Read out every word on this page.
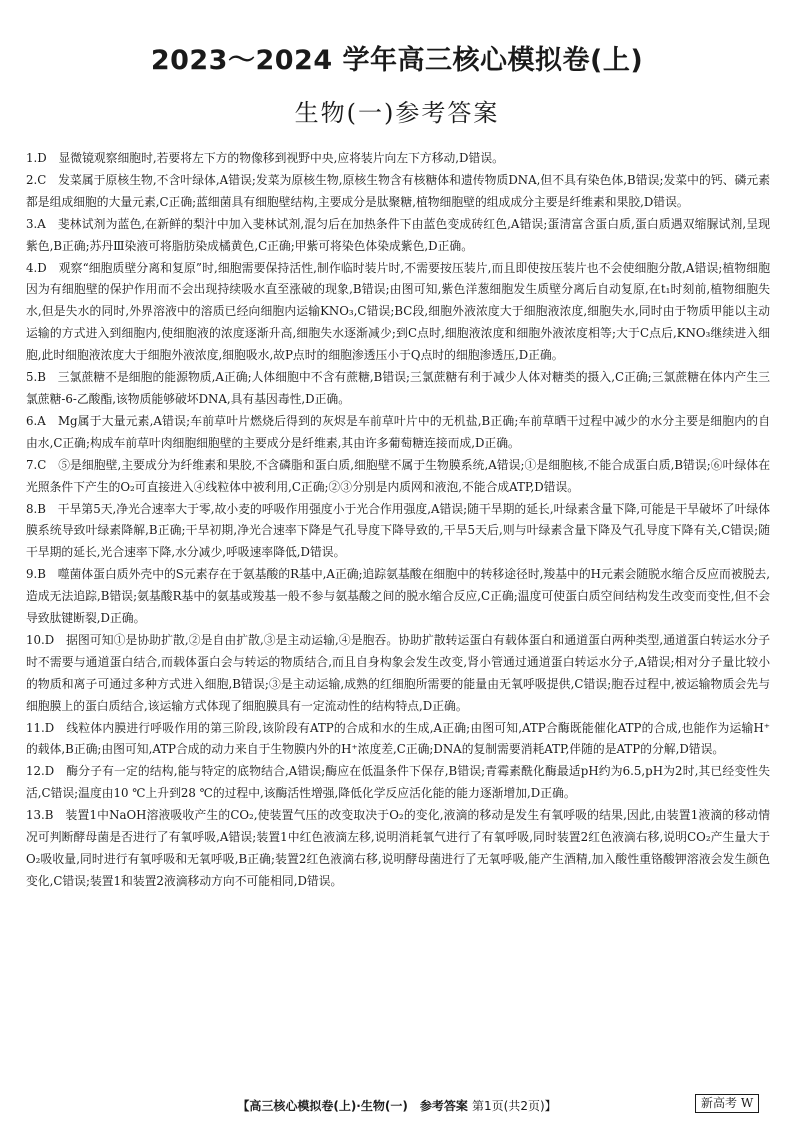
2023～2024 学年高三核心模拟卷(上)
生物(一)参考答案

1.D　显微镜观察细胞时,若要将左下方的物像移到视野中央,应将装片向左下方移动,D错误。

2.C　发菜属于原核生物,不含叶绿体,A错误;发菜为原核生物,原核生物含有核糖体和遗传物质DNA,但不具有染色体,B错误;发菜中的钙、磷元素都是组成细胞的大量元素,C正确;蓝细菌具有细胞壁结构,主要成分是肽聚糖,植物细胞壁的组成成分主要是纤维素和果胶,D错误。

3.A　斐林试剂为蓝色,在新鲜的梨汁中加入斐林试剂,混匀后在加热条件下由蓝色变成砖红色,A错误;蛋清富含蛋白质,蛋白质遇双缩脲试剂,呈现紫色,B正确;苏丹Ⅲ染液可将脂肪染成橘黄色,C正确;甲紫可将染色体染成紫色,D正确。

4.D　观察“细胞质壁分离和复原”时,细胞需要保持活性,制作临时装片时,不需要按压装片,而且即使按压装片也不会使细胞分散,A错误;植物细胞因为有细胞壁的保护作用而不会出现持续吸水直至涨破的现象,B错误;由图可知,紫色洋葱细胞发生质壁分离后自动复原,在t₁时刻前,植物细胞失水,但是失水的同时,外界溶液中的溶质已经向细胞内运输KNO₃,C错误;BC段,细胞外液浓度大于细胞液浓度,细胞失水,同时由于物质甲能以主动运输的方式进入到细胞内,使细胞液的浓度逐渐升高,细胞失水逐渐减少;到C点时,细胞液浓度和细胞外液浓度相等;大于C点后,KNO₃继续进入细胞,此时细胞液浓度大于细胞外液浓度,细胞吸水,故P点时的细胞渗透压小于Q点时的细胞渗透压,D正确。

5.B　三氯蔗糖不是细胞的能源物质,A正确;人体细胞中不含有蔗糖,B错误;三氯蔗糖有利于减少人体对糖类的摄入,C正确;三氯蔗糖在体内产生三氯蔗糖-6-乙酸酯,该物质能够破坏DNA,具有基因毒性,D正确。

6.A　Mg属于大量元素,A错误;车前草叶片燃烧后得到的灰烬是车前草叶片中的无机盐,B正确;车前草晒干过程中减少的水分主要是细胞内的自由水,C正确;构成车前草叶肉细胞细胞壁的主要成分是纤维素,其由许多葡萄糖连接而成,D正确。

7.C　⑤是细胞壁,主要成分为纤维素和果胶,不含磷脂和蛋白质,细胞壁不属于生物膜系统,A错误;①是细胞核,不能合成蛋白质,B错误;⑥叶绿体在光照条件下产生的O₂可直接进入④线粒体中被利用,C正确;②③分别是内质网和液泡,不能合成ATP,D错误。

8.B　干旱第5天,净光合速率大于零,故小麦的呼吸作用强度小于光合作用强度,A错误;随干旱期的延长,叶绿素含量下降,可能是干旱破坏了叶绿体膜系统导致叶绿素降解,B正确;干旱初期,净光合速率下降是气孔导度下降导致的,干旱5天后,则与叶绿素含量下降及气孔导度下降有关,C错误;随干旱期的延长,光合速率下降,水分减少,呼吸速率降低,D错误。

9.B　噬菌体蛋白质外壳中的S元素存在于氨基酸的R基中,A正确;追踪氨基酸在细胞中的转移途径时,羧基中的H元素会随脱水缩合反应而被脱去,造成无法追踪,B错误;氨基酸R基中的氨基或羧基一般不参与氨基酸之间的脱水缩合反应,C正确;温度可使蛋白质空间结构发生改变而变性,但不会导致肽键断裂,D正确。

10.D　据图可知①是协助扩散,②是自由扩散,③是主动运输,④是胞吞。协助扩散转运蛋白有载体蛋白和通道蛋白两种类型,通道蛋白转运水分子时不需要与通道蛋白结合,而载体蛋白会与转运的物质结合,而且自身构象会发生改变,肾小管通过通道蛋白转运水分子,A错误;相对分子量比较小的物质和离子可通过多种方式进入细胞,B错误;③是主动运输,成熟的红细胞所需要的能量由无氧呼吸提供,C错误;胞吞过程中,被运输物质会先与细胞膜上的蛋白质结合,该运输方式体现了细胞膜具有一定流动性的结构特点,D正确。

11.D　线粒体内膜进行呼吸作用的第三阶段,该阶段有ATP的合成和水的生成,A正确;由图可知,ATP合酶既能催化ATP的合成,也能作为运输H⁺的载体,B正确;由图可知,ATP合成的动力来自于生物膜内外的H⁺浓度差,C正确;DNA的复制需要消耗ATP,伴随的是ATP的分解,D错误。

12.D　酶分子有一定的结构,能与特定的底物结合,A错误;酶应在低温条件下保存,B错误;青霉素酰化酶最适pH约为6.5,pH为2时,其已经变性失活,C错误;温度由10 ℃上升到28 ℃的过程中,该酶活性增强,降低化学反应活化能的能力逐渐增加,D正确。

13.B　装置1中NaOH溶液吸收产生的CO₂,使装置气压的改变取决于O₂的变化,液滴的移动是发生有氧呼吸的结果,因此,由装置1液滴的移动情况可判断酵母菌是否进行了有氧呼吸,A错误;装置1中红色液滴左移,说明消耗氧气进行了有氧呼吸,同时装置2红色液滴右移,说明CO₂产生量大于O₂吸收量,同时进行有氧呼吸和无氧呼吸,B正确;装置2红色液滴右移,说明酵母菌进行了无氧呼吸,能产生酒精,加入酸性重铬酸钾溶液会发生颜色变化,C错误;装置1和装置2液滴移动方向不可能相同,D错误。

【高三核心模拟卷(上)·生物(一)　参考答案 第1页(共2页)】	新高考 W
